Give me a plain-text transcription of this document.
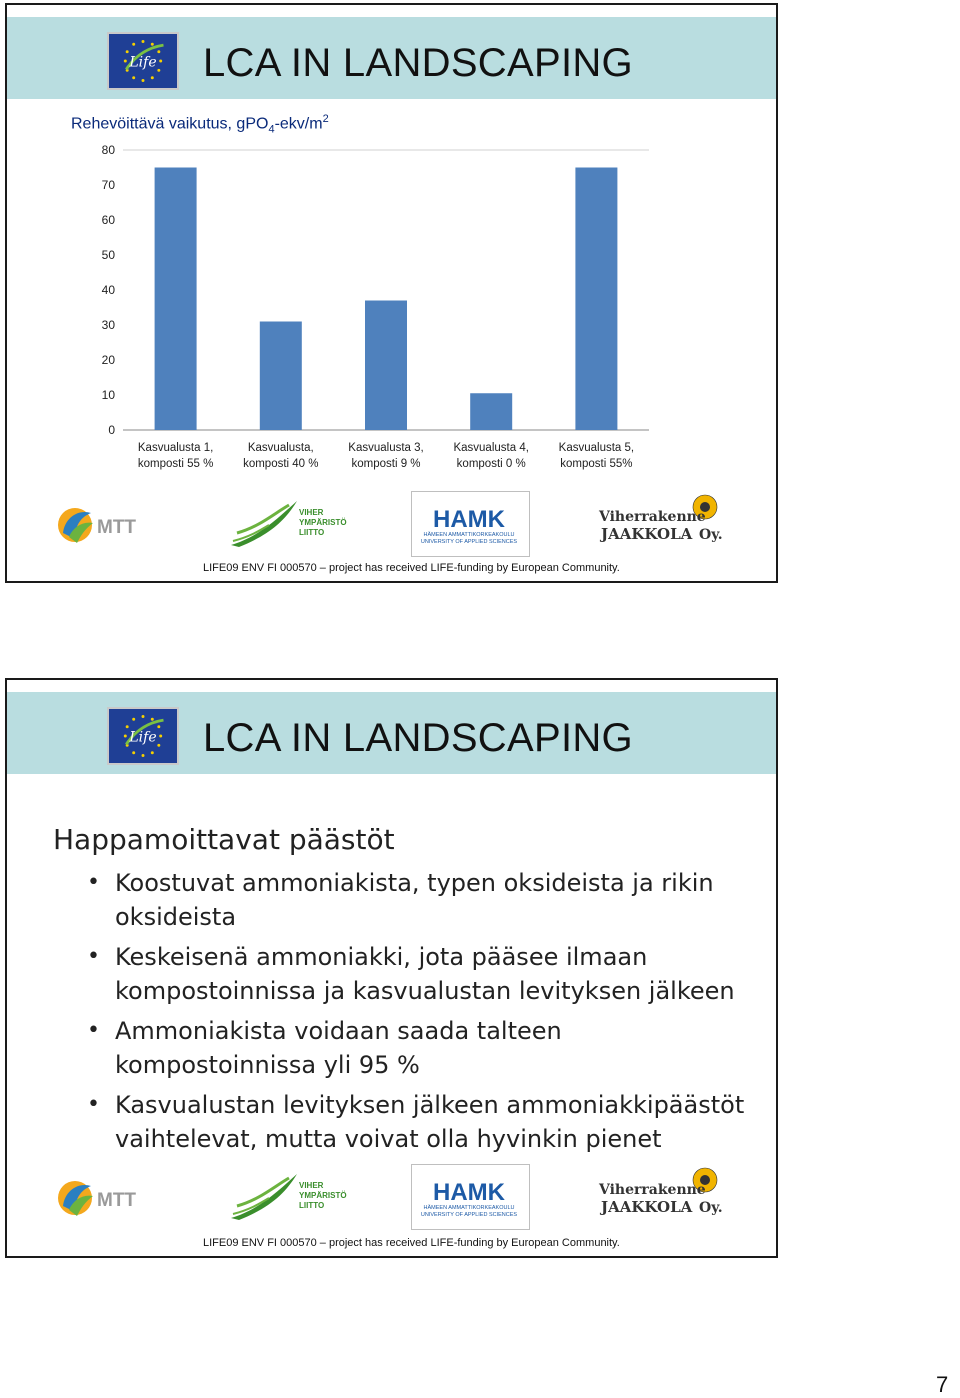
Life LCA IN LANDSCAPING
Rehevöittävä vaikutus, $gPO_4-ekv/m^2$
0
10
20
30
40
50
60
70
80
Kasvualusta 1,
komposti 55 %
Kasvualusta,
komposti 40 %
Kasvualusta 3,
komposti 9 %
Kasvualusta 4,
komposti 0 %
Kasvualusta 5,
komposti 55%
MTT
VIHER
YMPÄRISTÖ
LIITTO	HAMK
HÄMEEN AMMATTIKORKEAKOULU
UNIVERSITY OF APPLIED SCIENCES
Viherrakenne
JAAKKOLA Oy.
LIFE09 ENV FI 000570 – project has received LIFE-funding by European Community.
Life LCA IN LANDSCAPING
Happamoittavat päästöt
• Koostuvat ammoniakista, typen oksideista ja rikin oksideista
• Keskeisenä ammoniakki, jota pääsee ilmaan kompostoinnissa ja kasvualustan levityksen jälkeen
• Ammoniakista voidaan saada talteen kompostoinnissa yli 95 %
• Kasvualustan levityksen jälkeen ammoniakkipäästöt vaihtelevat, mutta voivat olla hyvinkin pienet
MTT
VIHER
YMPÄRISTÖ
LIITTO	HAMK
HÄMEEN AMMATTIKORKEAKOULU
UNIVERSITY OF APPLIED SCIENCES
Viherrakenne
JAAKKOLA Oy.
LIFE09 ENV FI 000570 – project has received LIFE-funding by European Community.
7
